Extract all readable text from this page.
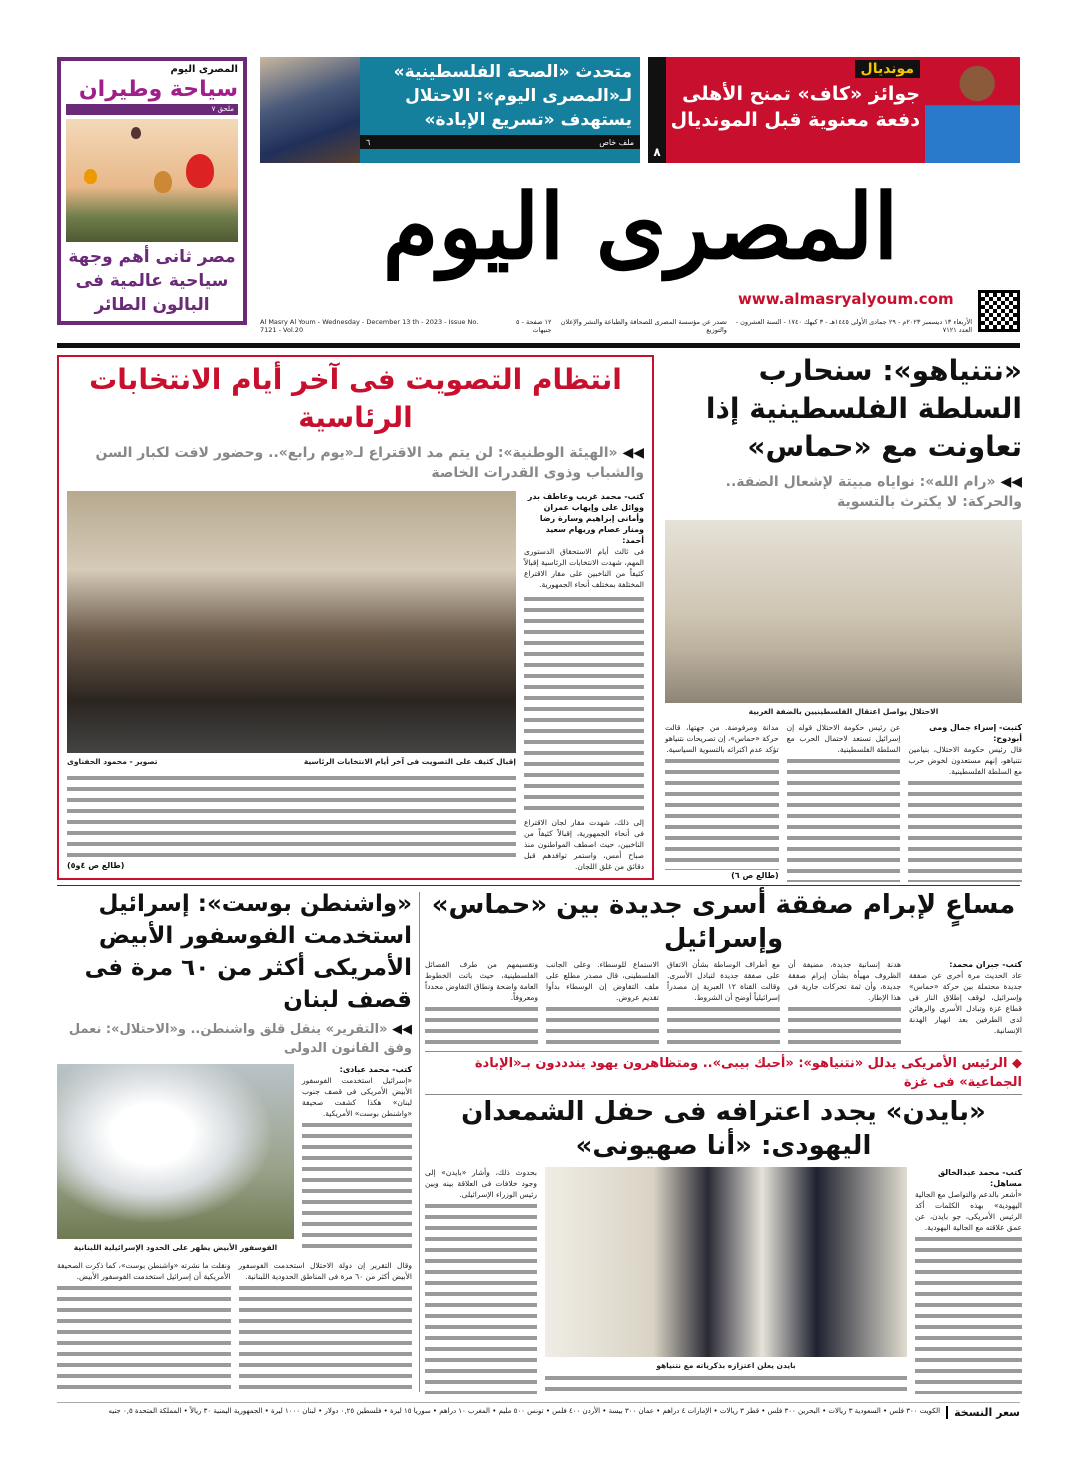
المصرى اليوم
سياحة وطيران
ملحق ٧
مصر ثانى أهم وجهة سياحية عالمية فى البالون الطائر
متحدث «الصحة الفلسطينية» لـ«المصرى اليوم»: الاحتلال يستهدف «تسريع الإبادة»
ملف خاص
٦
٨
مونديال
جوائز «كاف» تمنح الأهلى دفعة معنوية قبل المونديال
المصرى اليوم
www.almasryalyoum.com
الأربعاء ١٣ ديسمبر ٢٠٢٣م - ٢٩ جمادى الأولى ١٤٤٥هـ - ٣ كيهك ١٧٤٠ - السنة العشرون - العدد ٧١٢١
تصدر عن مؤسسة المصرى للصحافة والطباعة والنشر والإعلان والتوزيع
١٢ صفحة - ٥ جنيهات
Al Masry Al Youm - Wednesday - December 13 th - 2023 - Issue No. 7121 - Vol.20
«نتنياهو»: سنحارب السلطة الفلسطينية إذا تعاونت مع «حماس»
◀◀ «رام الله»: نواياه مبيتة لإشعال الضفة.. والحركة: لا يكترث بالتسوية
الاحتلال يواصل اعتقال الفلسطينيين بالضفة الغربية
كتبت- إسراء جمال ومى أبودوح:
قال رئيس حكومة الاحتلال، بنيامين نتنياهو، إنهم مستعدون لخوض حرب مع السلطة الفلسطينية.
عن رئيس حكومة الاحتلال قوله إن إسرائيل تستعد لاحتمال الحرب مع السلطة الفلسطينية.
مدانة ومرفوضة. من جهتها، قالت حركة «حماس»، إن تصريحات نتنياهو تؤكد عدم اكتراثه بالتسوية السياسية.
(طالع ص ٦)
انتظام التصويت فى آخر أيام الانتخابات الرئاسية
◀◀ «الهيئة الوطنية»: لن يتم مد الاقتراع لـ«يوم رابع».. وحضور لافت لكبار السن والشباب وذوى القدرات الخاصة
كتب- محمد غريب وعاطف بدر ووائل على وإيهاب عمران وأمانى إبراهيم وسارة رضا ومنار عصام وريهام سعيد أحمد:
فى ثالث أيام الاستحقاق الدستورى المهم، شهدت الانتخابات الرئاسية إقبالاً كثيفاً من الناخبين على مقار الاقتراع المختلفة بمختلف أنحاء الجمهورية.
إلى ذلك، شهدت مقار لجان الاقتراع فى أنحاء الجمهورية، إقبالاً كثيفاً من الناخبين، حيث اصطف المواطنون منذ صباح أمس، واستمر توافدهم قبل دقائق من غلق اللجان.
إقبال كثيف على التصويت فى آخر أيام الانتخابات الرئاسية
تصوير - محمود الحفناوى
(طالع ص ٤و٥)
مساعٍ لإبرام صفقة أسرى جديدة بين «حماس» وإسرائيل
كتب- جبران محمد:
عاد الحديث مرة أخرى عن صفقة جديدة محتملة بين حركة «حماس» وإسرائيل، لوقف إطلاق النار فى قطاع غزة وتبادل الأسرى والرهائن لدى الطرفين بعد انهيار الهدنة الإنسانية.
هدنة إنسانية جديدة، مضيفة أن الظروف مهيأة بشأن إبرام صفقة جديدة، وأن ثمة تحركات جارية فى هذا الإطار.
مع أطراف الوساطة بشأن الاتفاق على صفقة جديدة لتبادل الأسرى. وقالت القناة ١٢ العبرية إن مصدراً إسرائيلياً أوضح أن الشروط.
الاستماع للوسطاء. وعلى الجانب الفلسطينى، قال مصدر مطلع على ملف التفاوض إن الوسطاء بدأوا تقديم عروض.
وتقسيمهم من طرف الفصائل الفلسطينية، حيث باتت الخطوط العامة واضحة ونطاق التفاوض محدداً ومعروفاً.
«واشنطن بوست»: إسرائيل استخدمت الفوسفور الأبيض الأمريكى أكثر من ٦٠ مرة فى قصف لبنان
◀◀ «التقرير» ينقل قلق واشنطن.. و«الاحتلال»: نعمل وفق القانون الدولى
كتب- محمد عبادى:
«إسرائيل استخدمت الفوسفور الأبيض الأمريكى فى قصف جنوب لبنان» هكذا كشفت صحيفة «واشنطن بوست» الأمريكية.
الفوسفور الأبيض يظهر على الحدود الإسرائيلية اللبنانية
وقال التقرير إن دولة الاحتلال استخدمت الفوسفور الأبيض أكثر من ٦٠ مرة فى المناطق الحدودية اللبنانية.
ونقلت ما نشرته «واشنطن بوست»، كما ذكرت الصحيفة الأمريكية أن إسرائيل استخدمت الفوسفور الأبيض.
◆ الرئيس الأمريكى يدلل «نتنياهو»: «أحبك بيبى».. ومتظاهرون يهود يندددون بـ«الإبادة الجماعية» فى غزة
«بايدن» يجدد اعترافه فى حفل الشمعدان اليهودى: «أنا صهيونى»
كتب- محمد عبدالخالق مساهل:
«أشعر بالدعم والتواصل مع الجالية اليهودية» بهذه الكلمات أكد الرئيس الأمريكى، جو بايدن، عن عمق علاقته مع الجالية اليهودية.
بايدن يعلن اعتزازه بذكرياته مع نتنياهو
بحدوث ذلك، وأشار «بايدن» إلى وجود خلافات فى العلاقة بينه وبين رئيس الوزراء الإسرائيلى.
سعر النسخة
الكويت ٣٠٠ فلس • السعودية ٣ ريالات • البحرين ٣٠٠ فلس • قطر ٣ ريالات • الإمارات ٤ دراهم • عمان ٣٠٠ بيسة • الأردن ٤٠٠ فلس • تونس ٥٠٠ مليم • المغرب ١٠ دراهم • سوريا ١٥ ليرة • فلسطين ٠,٢٥ دولار • لبنان ١٠٠٠ ليرة • الجمهورية اليمنية ٣٠ ريالاً • المملكة المتحدة ٠,٥ جنيه
